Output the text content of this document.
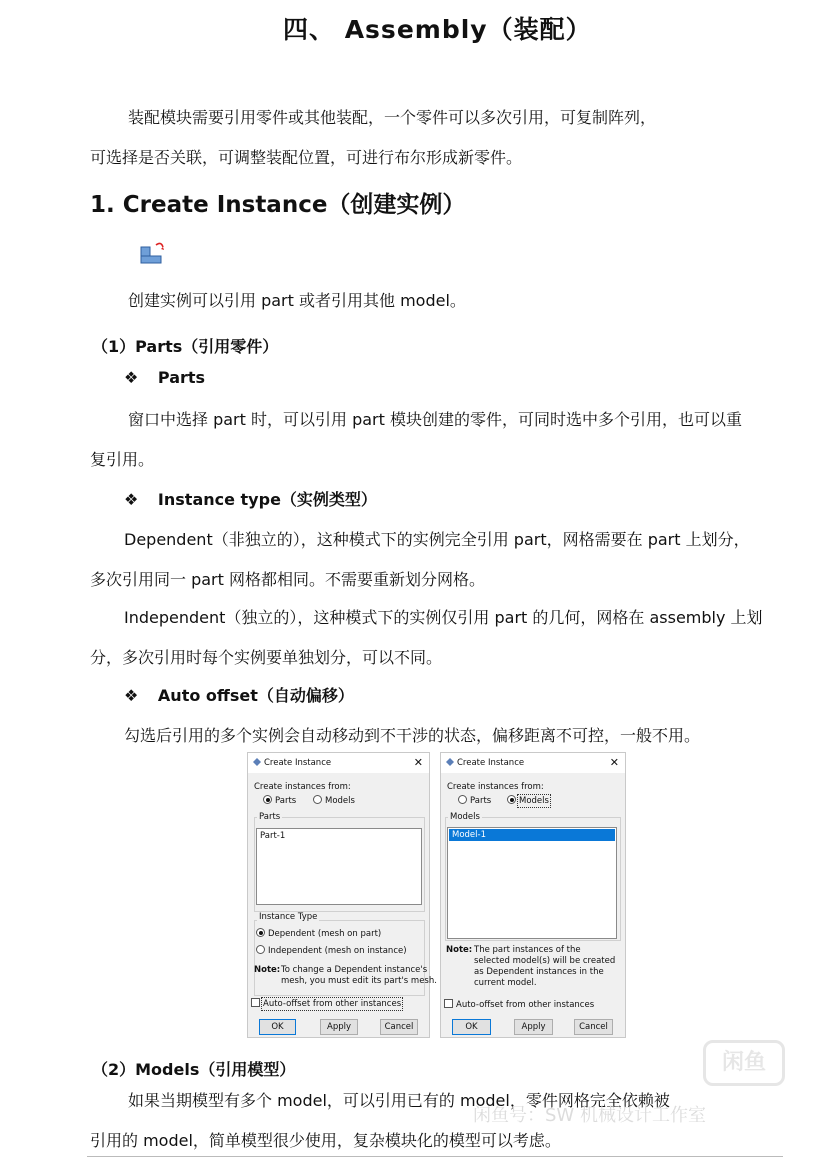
四、 Assembly（装配）
装配模块需要引用零件或其他装配，一个零件可以多次引用，可复制阵列，
可选择是否关联，可调整装配位置，可进行布尔形成新零件。
1. Create Instance（创建实例）
创建实例可以引用 part 或者引用其他 model。
（1）Parts（引用零件）
❖ Parts
窗口中选择 part 时，可以引用 part 模块创建的零件，可同时选中多个引用，也可以重
复引用。
❖ Instance type（实例类型）
Dependent（非独立的），这种模式下的实例完全引用 part，网格需要在 part 上划分，
多次引用同一 part 网格都相同。不需要重新划分网格。
Independent（独立的），这种模式下的实例仅引用 part 的几何，网格在 assembly 上划
分，多次引用时每个实例要单独划分，可以不同。
❖ Auto offset（自动偏移）
勾选后引用的多个实例会自动移动到不干涉的状态，偏移距离不可控，一般不用。
Create Instance	✕
Create instances from:
Parts	Models
Parts
Part-1
Instance Type
Dependent (mesh on part)
Independent (mesh on instance)
Note: To change a Dependent instance's
mesh, you must edit its part's mesh.
Auto-offset from other instances
OK	Apply	Cancel
Create Instance	✕
Create instances from:
Parts	Models
Models
Model-1
Note: The part instances of the
selected model(s) will be created
as Dependent instances in the
current model.
Auto-offset from other instances
OK	Apply	Cancel
（2）Models（引用模型）
如果当期模型有多个 model，可以引用已有的 model，零件网格完全依赖被
引用的 model，简单模型很少使用，复杂模块化的模型可以考虑。
闲鱼
闲鱼号：SW 机械设计工作室
